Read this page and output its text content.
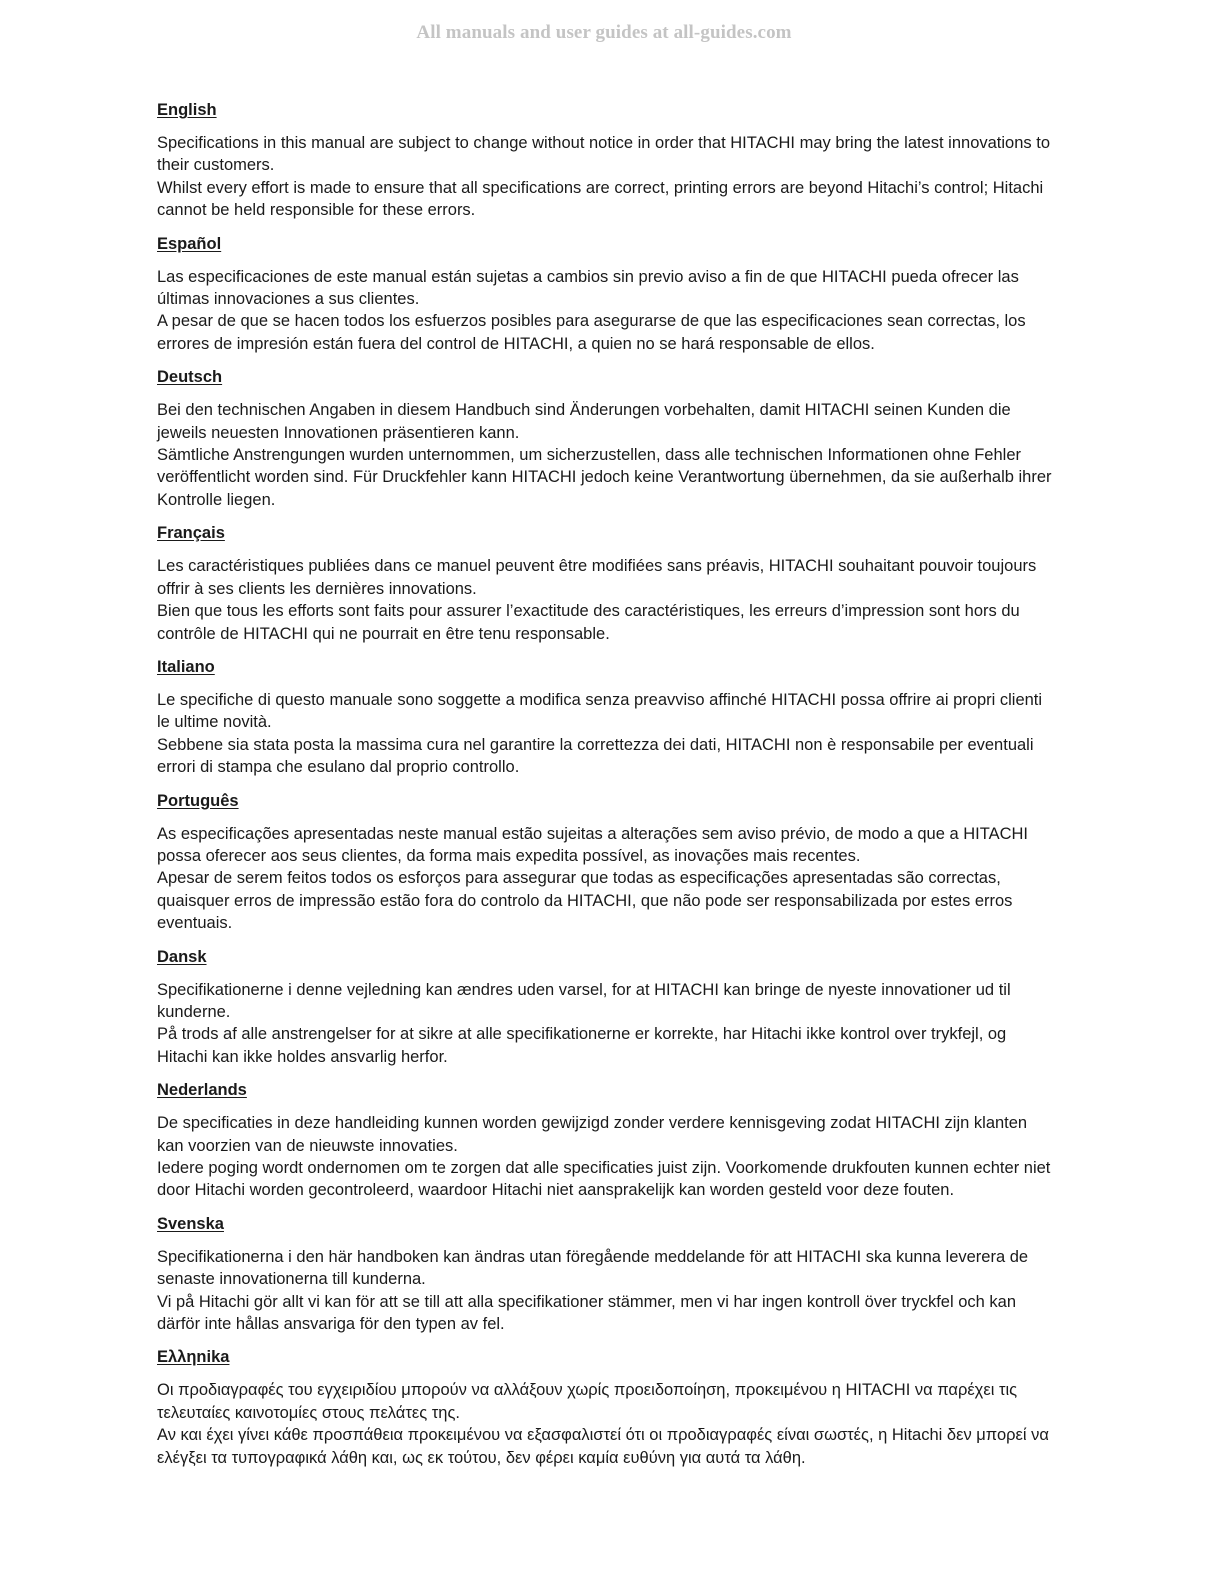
All manuals and user guides at all-guides.com
English

Specifications in this manual are subject to change without notice in order that HITACHI may bring the latest innovations to their customers.

Whilst every effort is made to ensure that all specifications are correct, printing errors are beyond Hitachi’s control; Hitachi cannot be held responsible for these errors.

Español

Las especificaciones de este manual están sujetas a cambios sin previo aviso a fin de que HITACHI pueda ofrecer las últimas innovaciones a sus clientes.

A pesar de que se hacen todos los esfuerzos posibles para asegurarse de que las especificaciones sean correctas, los errores de impresión están fuera del control de HITACHI, a quien no se hará responsable de ellos.

Deutsch

Bei den technischen Angaben in diesem Handbuch sind Änderungen vorbehalten, damit HITACHI seinen Kunden die jeweils neuesten Innovationen präsentieren kann.

Sämtliche Anstrengungen wurden unternommen, um sicherzustellen, dass alle technischen Informationen ohne Fehler veröffentlicht worden sind. Für Druckfehler kann HITACHI jedoch keine Verantwortung übernehmen, da sie außerhalb ihrer Kontrolle liegen.

Français

Les caractéristiques publiées dans ce manuel peuvent être modifiées sans préavis, HITACHI souhaitant pouvoir toujours offrir à ses clients les dernières innovations.

Bien que tous les efforts sont faits pour assurer l’exactitude des caractéristiques, les erreurs d’impression sont hors du contrôle de HITACHI qui ne pourrait en être tenu responsable.

Italiano

Le specifiche di questo manuale sono soggette a modifica senza preavviso affinché HITACHI possa offrire ai propri clienti le ultime novità.

Sebbene sia stata posta la massima cura nel garantire la correttezza dei dati, HITACHI non è responsabile per eventuali errori di stampa che esulano dal proprio controllo.

Português

As especificações apresentadas neste manual estão sujeitas a alterações sem aviso prévio, de modo a que a HITACHI possa oferecer aos seus clientes, da forma mais expedita possível, as inovações mais recentes.

Apesar de serem feitos todos os esforços para assegurar que todas as especificações apresentadas são correctas, quaisquer erros de impressão estão fora do controlo da HITACHI, que não pode ser responsabilizada por estes erros eventuais.

Dansk

Specifikationerne i denne vejledning kan ændres uden varsel, for at HITACHI kan bringe de nyeste innovationer ud til kunderne.

På trods af alle anstrengelser for at sikre at alle specifikationerne er korrekte, har Hitachi ikke kontrol over trykfejl, og Hitachi kan ikke holdes ansvarlig herfor.

Nederlands

De specificaties in deze handleiding kunnen worden gewijzigd zonder verdere kennisgeving zodat HITACHI zijn klanten kan voorzien van de nieuwste innovaties.

Iedere poging wordt ondernomen om te zorgen dat alle specificaties juist zijn. Voorkomende drukfouten kunnen echter niet door Hitachi worden gecontroleerd, waardoor Hitachi niet aansprakelijk kan worden gesteld voor deze fouten.

Svenska

Specifikationerna i den här handboken kan ändras utan föregående meddelande för att HITACHI ska kunna leverera de senaste innovationerna till kunderna.

Vi på Hitachi gör allt vi kan för att se till att alla specifikationer stämmer, men vi har ingen kontroll över tryckfel och kan därför inte hållas ansvariga för den typen av fel.

Ελληnika

Οι προδιαγραφές του εγχειριδίου μπορούν να αλλάξουν χωρίς προειδοποίηση, προκειμένου η HITACHI να παρέχει τις τελευταίες καινοτομίες στους πελάτες της.

Αν και έχει γίνει κάθε προσπάθεια προκειμένου να εξασφαλιστεί ότι οι προδιαγραφές είναι σωστές, η Hitachi δεν μπορεί να ελέγξει τα τυπογραφικά λάθη και, ως εκ τούτου, δεν φέρει καμία ευθύνη για αυτά τα λάθη.
